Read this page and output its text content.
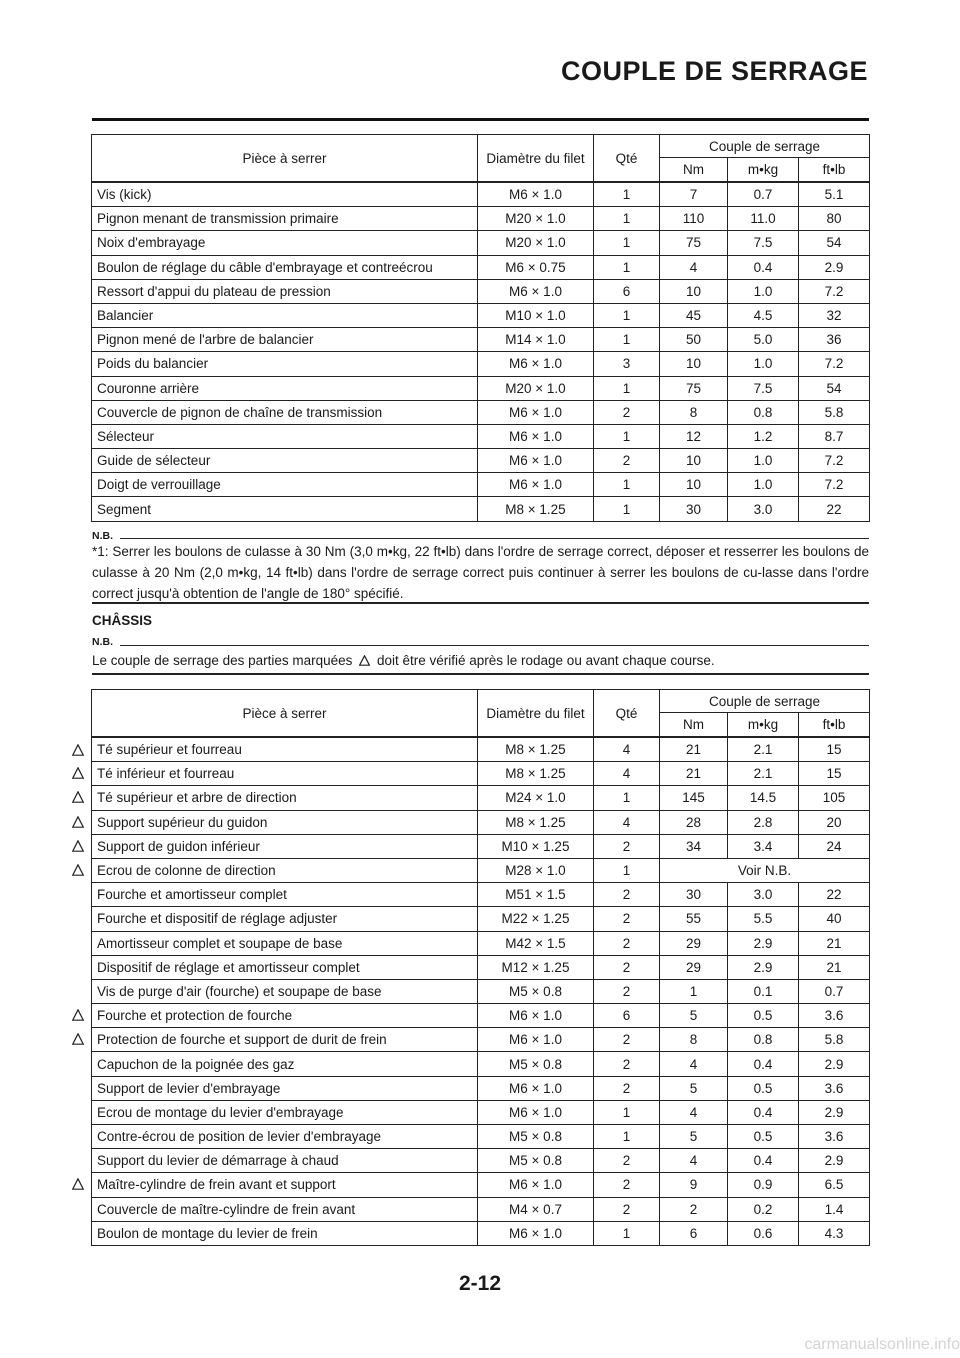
COUPLE DE SERRAGE
Pièce à serrer	Diamètre du filet	Qté	Couple de serrage		
			Nm	m•kg	ft•lb
Vis (kick)	M6 × 1.0	1	7	0.7	5.1
Pignon menant de transmission primaire	M20 × 1.0	1	110	11.0	80
Noix d'embrayage	M20 × 1.0	1	75	7.5	54
Boulon de réglage du câble d'embrayage et contreécrou	M6 × 0.75	1	4	0.4	2.9
Ressort d'appui du plateau de pression	M6 × 1.0	6	10	1.0	7.2
Balancier	M10 × 1.0	1	45	4.5	32
Pignon mené de l'arbre de balancier	M14 × 1.0	1	50	5.0	36
Poids du balancier	M6 × 1.0	3	10	1.0	7.2
Couronne arrière	M20 × 1.0	1	75	7.5	54
Couvercle de pignon de chaîne de transmission	M6 × 1.0	2	8	0.8	5.8
Sélecteur	M6 × 1.0	1	12	1.2	8.7
Guide de sélecteur	M6 × 1.0	2	10	1.0	7.2
Doigt de verrouillage	M6 × 1.0	1	10	1.0	7.2
Segment	M8 × 1.25	1	30	3.0	22
N.B.
*1: Serrer les boulons de culasse à 30 Nm (3,0 m•kg, 22 ft•lb) dans l'ordre de serrage correct, déposer et resserrer les boulons de culasse à 20 Nm (2,0 m•kg, 14 ft•lb) dans l'ordre de serrage correct puis continuer à serrer les boulons de cu-lasse dans l'ordre correct jusqu'à obtention de l'angle de 180° spécifié.
CHÂSSIS
N.B.
Le couple de serrage des parties marquées doit être vérifié après le rodage ou avant chaque course.
Pièce à serrer	Diamètre du filet	Qté	Couple de serrage		
			Nm	m•kg	ft•lb
Té supérieur et fourreau	M8 × 1.25	4	21	2.1	15
Té inférieur et fourreau	M8 × 1.25	4	21	2.1	15
Té supérieur et arbre de direction	M24 × 1.0	1	145	14.5	105
Support supérieur du guidon	M8 × 1.25	4	28	2.8	20
Support de guidon inférieur	M10 × 1.25	2	34	3.4	24
Ecrou de colonne de direction	M28 × 1.0	1	Voir N.B.		
Fourche et amortisseur complet	M51 × 1.5	2	30	3.0	22
Fourche et dispositif de réglage adjuster	M22 × 1.25	2	55	5.5	40
Amortisseur complet et soupape de base	M42 × 1.5	2	29	2.9	21
Dispositif de réglage et amortisseur complet	M12 × 1.25	2	29	2.9	21
Vis de purge d'air (fourche) et soupape de base	M5 × 0.8	2	1	0.1	0.7
Fourche et protection de fourche	M6 × 1.0	6	5	0.5	3.6
Protection de fourche et support de durit de frein	M6 × 1.0	2	8	0.8	5.8
Capuchon de la poignée des gaz	M5 × 0.8	2	4	0.4	2.9
Support de levier d'embrayage	M6 × 1.0	2	5	0.5	3.6
Ecrou de montage du levier d'embrayage	M6 × 1.0	1	4	0.4	2.9
Contre-écrou de position de levier d'embrayage	M5 × 0.8	1	5	0.5	3.6
Support du levier de démarrage à chaud	M5 × 0.8	2	4	0.4	2.9
Maître-cylindre de frein avant et support	M6 × 1.0	2	9	0.9	6.5
Couvercle de maître-cylindre de frein avant	M4 × 0.7	2	2	0.2	1.4
Boulon de montage du levier de frein	M6 × 1.0	1	6	0.6	4.3
2-12
carmanualsonline.info
